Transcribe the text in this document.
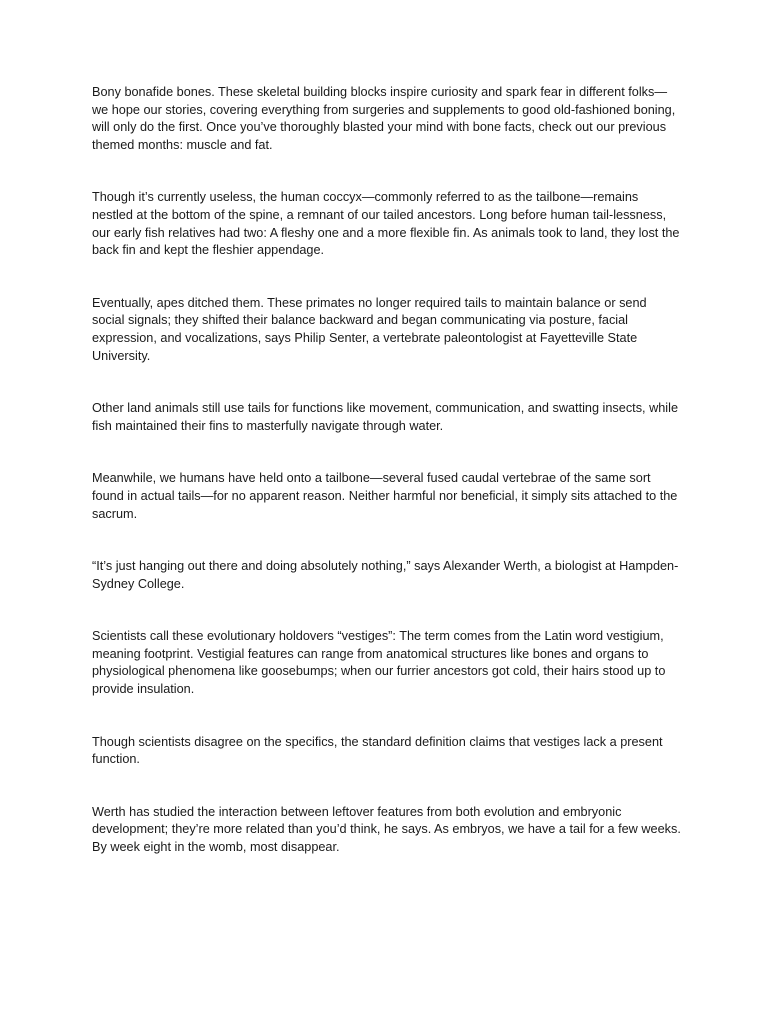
Bony bonafide bones. These skeletal building blocks inspire curiosity and spark fear in different folks—we hope our stories, covering everything from surgeries and supplements to good old-fashioned boning, will only do the first. Once you’ve thoroughly blasted your mind with bone facts, check out our previous themed months: muscle and fat.

Though it’s currently useless, the human coccyx—commonly referred to as the tailbone—remains nestled at the bottom of the spine, a remnant of our tailed ancestors. Long before human tail-lessness, our early fish relatives had two: A fleshy one and a more flexible fin. As animals took to land, they lost the back fin and kept the fleshier appendage.

Eventually, apes ditched them. These primates no longer required tails to maintain balance or send social signals; they shifted their balance backward and began communicating via posture, facial expression, and vocalizations, says Philip Senter, a vertebrate paleontologist at Fayetteville State University.

Other land animals still use tails for functions like movement, communication, and swatting insects, while fish maintained their fins to masterfully navigate through water.

Meanwhile, we humans have held onto a tailbone—several fused caudal vertebrae of the same sort found in actual tails—for no apparent reason. Neither harmful nor beneficial, it simply sits attached to the sacrum.

“It’s just hanging out there and doing absolutely nothing,” says Alexander Werth, a biologist at Hampden-Sydney College.

Scientists call these evolutionary holdovers “vestiges”: The term comes from the Latin word vestigium, meaning footprint. Vestigial features can range from anatomical structures like bones and organs to physiological phenomena like goosebumps; when our furrier ancestors got cold, their hairs stood up to provide insulation.

Though scientists disagree on the specifics, the standard definition claims that vestiges lack a present function.

Werth has studied the interaction between leftover features from both evolution and embryonic development; they’re more related than you’d think, he says. As embryos, we have a tail for a few weeks. By week eight in the womb, most disappear.
